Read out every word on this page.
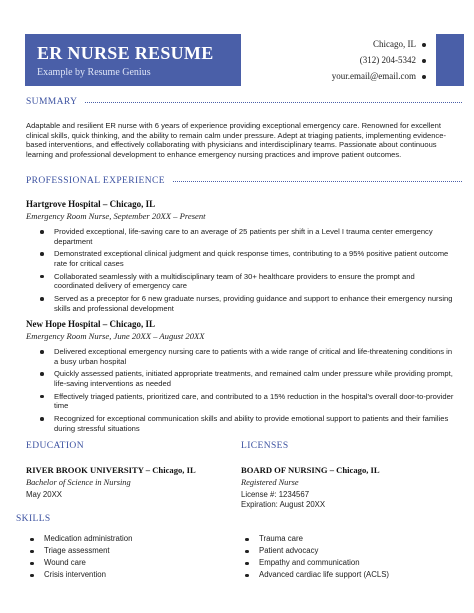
ER NURSE RESUME
Example by Resume Genius
Chicago, IL
(312) 204-5342
your.email@email.com
SUMMARY
Adaptable and resilient ER nurse with 6 years of experience providing exceptional emergency care. Renowned for excellent clinical skills, quick thinking, and the ability to remain calm under pressure. Adept at triaging patients, implementing evidence-based interventions, and effectively collaborating with physicians and interdisciplinary teams. Passionate about continuous learning and professional development to enhance emergency nursing practices and improve patient outcomes.
PROFESSIONAL EXPERIENCE
Hartgrove Hospital – Chicago, IL
Emergency Room Nurse, September 20XX – Present
Provided exceptional, life-saving care to an average of 25 patients per shift in a Level I trauma center emergency department
Demonstrated exceptional clinical judgment and quick response times, contributing to a 95% positive patient outcome rate for critical cases
Collaborated seamlessly with a multidisciplinary team of 30+ healthcare providers to ensure the prompt and coordinated delivery of emergency care
Served as a preceptor for 6 new graduate nurses, providing guidance and support to enhance their emergency nursing skills and professional development
New Hope Hospital – Chicago, IL
Emergency Room Nurse, June 20XX – August 20XX
Delivered exceptional emergency nursing care to patients with a wide range of critical and life-threatening conditions in a busy urban hospital
Quickly assessed patients, initiated appropriate treatments, and remained calm under pressure while providing prompt, life-saving interventions as needed
Effectively triaged patients, prioritized care, and contributed to a 15% reduction in the hospital's overall door-to-provider time
Recognized for exceptional communication skills and ability to provide emotional support to patients and their families during stressful situations
EDUCATION
RIVER BROOK UNIVERSITY – Chicago, IL
Bachelor of Science in Nursing
May 20XX
LICENSES
BOARD OF NURSING – Chicago, IL
Registered Nurse
License #: 1234567
Expiration: August 20XX
SKILLS
Medication administration
Triage assessment
Wound care
Crisis intervention
Trauma care
Patient advocacy
Empathy and communication
Advanced cardiac life support (ACLS)
